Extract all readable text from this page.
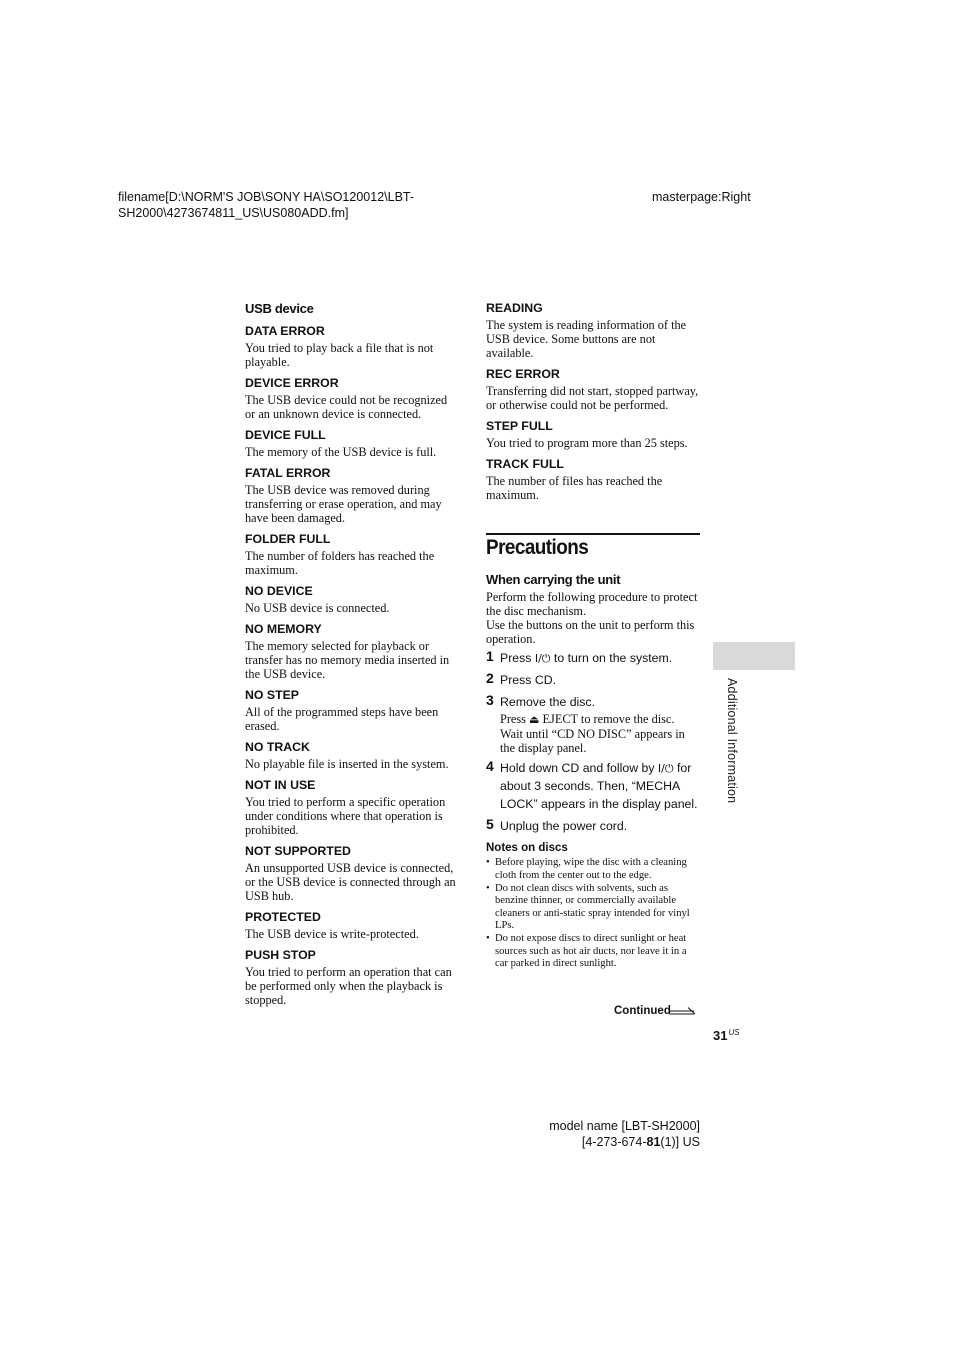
filename[D:\NORM'S JOB\SONY HA\SO120012\LBT-SH2000\4273674811_US\US080ADD.fm]
masterpage:Right
USB device
DATA ERROR
You tried to play back a file that is not playable.
DEVICE ERROR
The USB device could not be recognized or an unknown device is connected.
DEVICE FULL
The memory of the USB device is full.
FATAL ERROR
The USB device was removed during transferring or erase operation, and may have been damaged.
FOLDER FULL
The number of folders has reached the maximum.
NO DEVICE
No USB device is connected.
NO MEMORY
The memory selected for playback or transfer has no memory media inserted in the USB device.
NO STEP
All of the programmed steps have been erased.
NO TRACK
No playable file is inserted in the system.
NOT IN USE
You tried to perform a specific operation under conditions where that operation is prohibited.
NOT SUPPORTED
An unsupported USB device is connected, or the USB device is connected through an USB hub.
PROTECTED
The USB device is write-protected.
PUSH STOP
You tried to perform an operation that can be performed only when the playback is stopped.
READING
The system is reading information of the USB device. Some buttons are not available.
REC ERROR
Transferring did not start, stopped partway, or otherwise could not be performed.
STEP FULL
You tried to program more than 25 steps.
TRACK FULL
The number of files has reached the maximum.
Precautions
When carrying the unit
Perform the following procedure to protect the disc mechanism.
Use the buttons on the unit to perform this operation.
1 Press I/⏻ to turn on the system.
2 Press CD.
3 Remove the disc.
Press ⏏ EJECT to remove the disc. Wait until “CD NO DISC” appears in the display panel.
4 Hold down CD and follow by I/⏻ for about 3 seconds. Then, “MECHA LOCK” appears in the display panel.
5 Unplug the power cord.
Notes on discs
• Before playing, wipe the disc with a cleaning cloth from the center out to the edge.
• Do not clean discs with solvents, such as benzine thinner, or commercially available cleaners or anti-static spray intended for vinyl LPs.
• Do not expose discs to direct sunlight or heat sources such as hot air ducts, nor leave it in a car parked in direct sunlight.
Continued
$31^{US}$
Additional Information
model name [LBT-SH2000]
[4-273-674-81(1)] US
